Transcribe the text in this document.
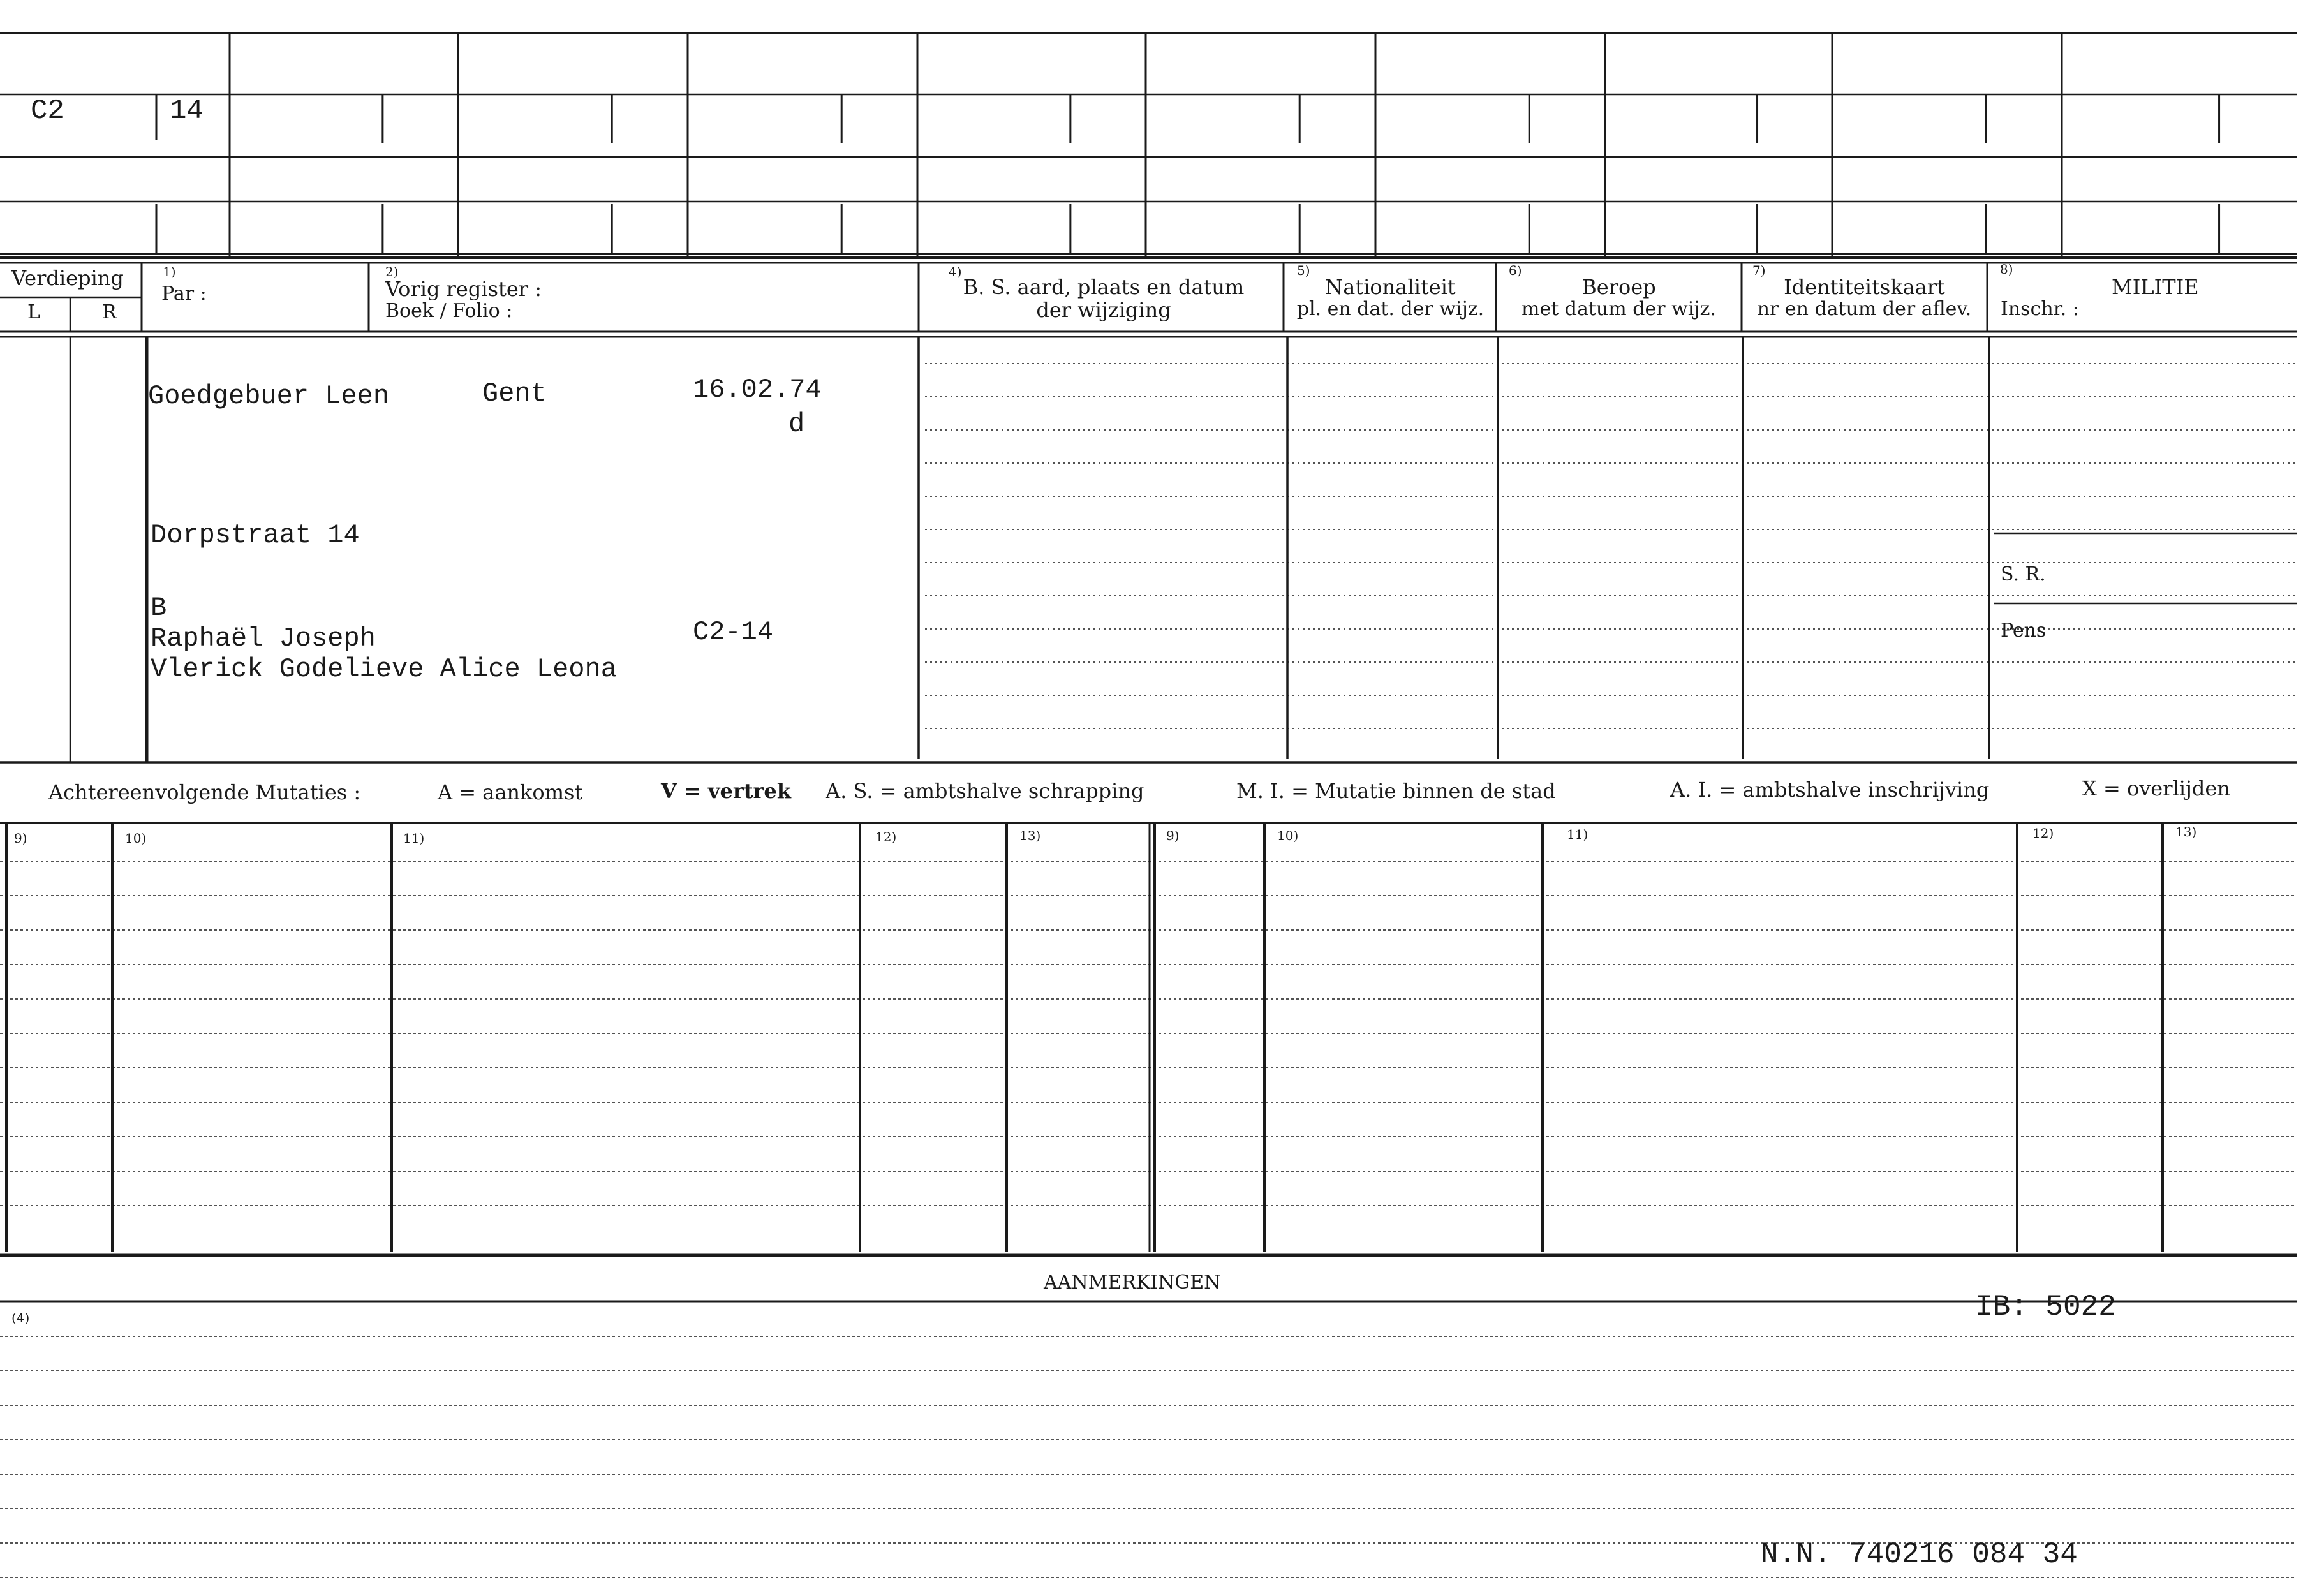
C2	14
Verdieping
L	R
1)
Par :
2)
Vorig register :
Boek / Folio :
4)
B. S. aard, plaats en datum
der wijziging
5)
Nationaliteit
pl. en dat. der wijz.
6)
Beroep
met datum der wijz.
7)
Identiteitskaart
nr en datum der aflev.
8)
MILITIE
Inschr. :
Goedgebuer Leen	Gent	16.02.74
d
Dorpstraat 14
B
Raphaël Joseph	C2-14
Vlerick Godelieve Alice Leona
S. R.
Pens
Achtereenvolgende Mutaties :	A = aankomst	V = vertrek A. S. = ambtshalve schrapping	M. I. = Mutatie binnen de stad	A. I. = ambtshalve inschrijving	X = overlijden
9)	10)	11)	12)	13)	9)	10)	11)	12)	13)
AANMERKINGEN
(4)	IB: 5022
N.N. 740216 084 34
